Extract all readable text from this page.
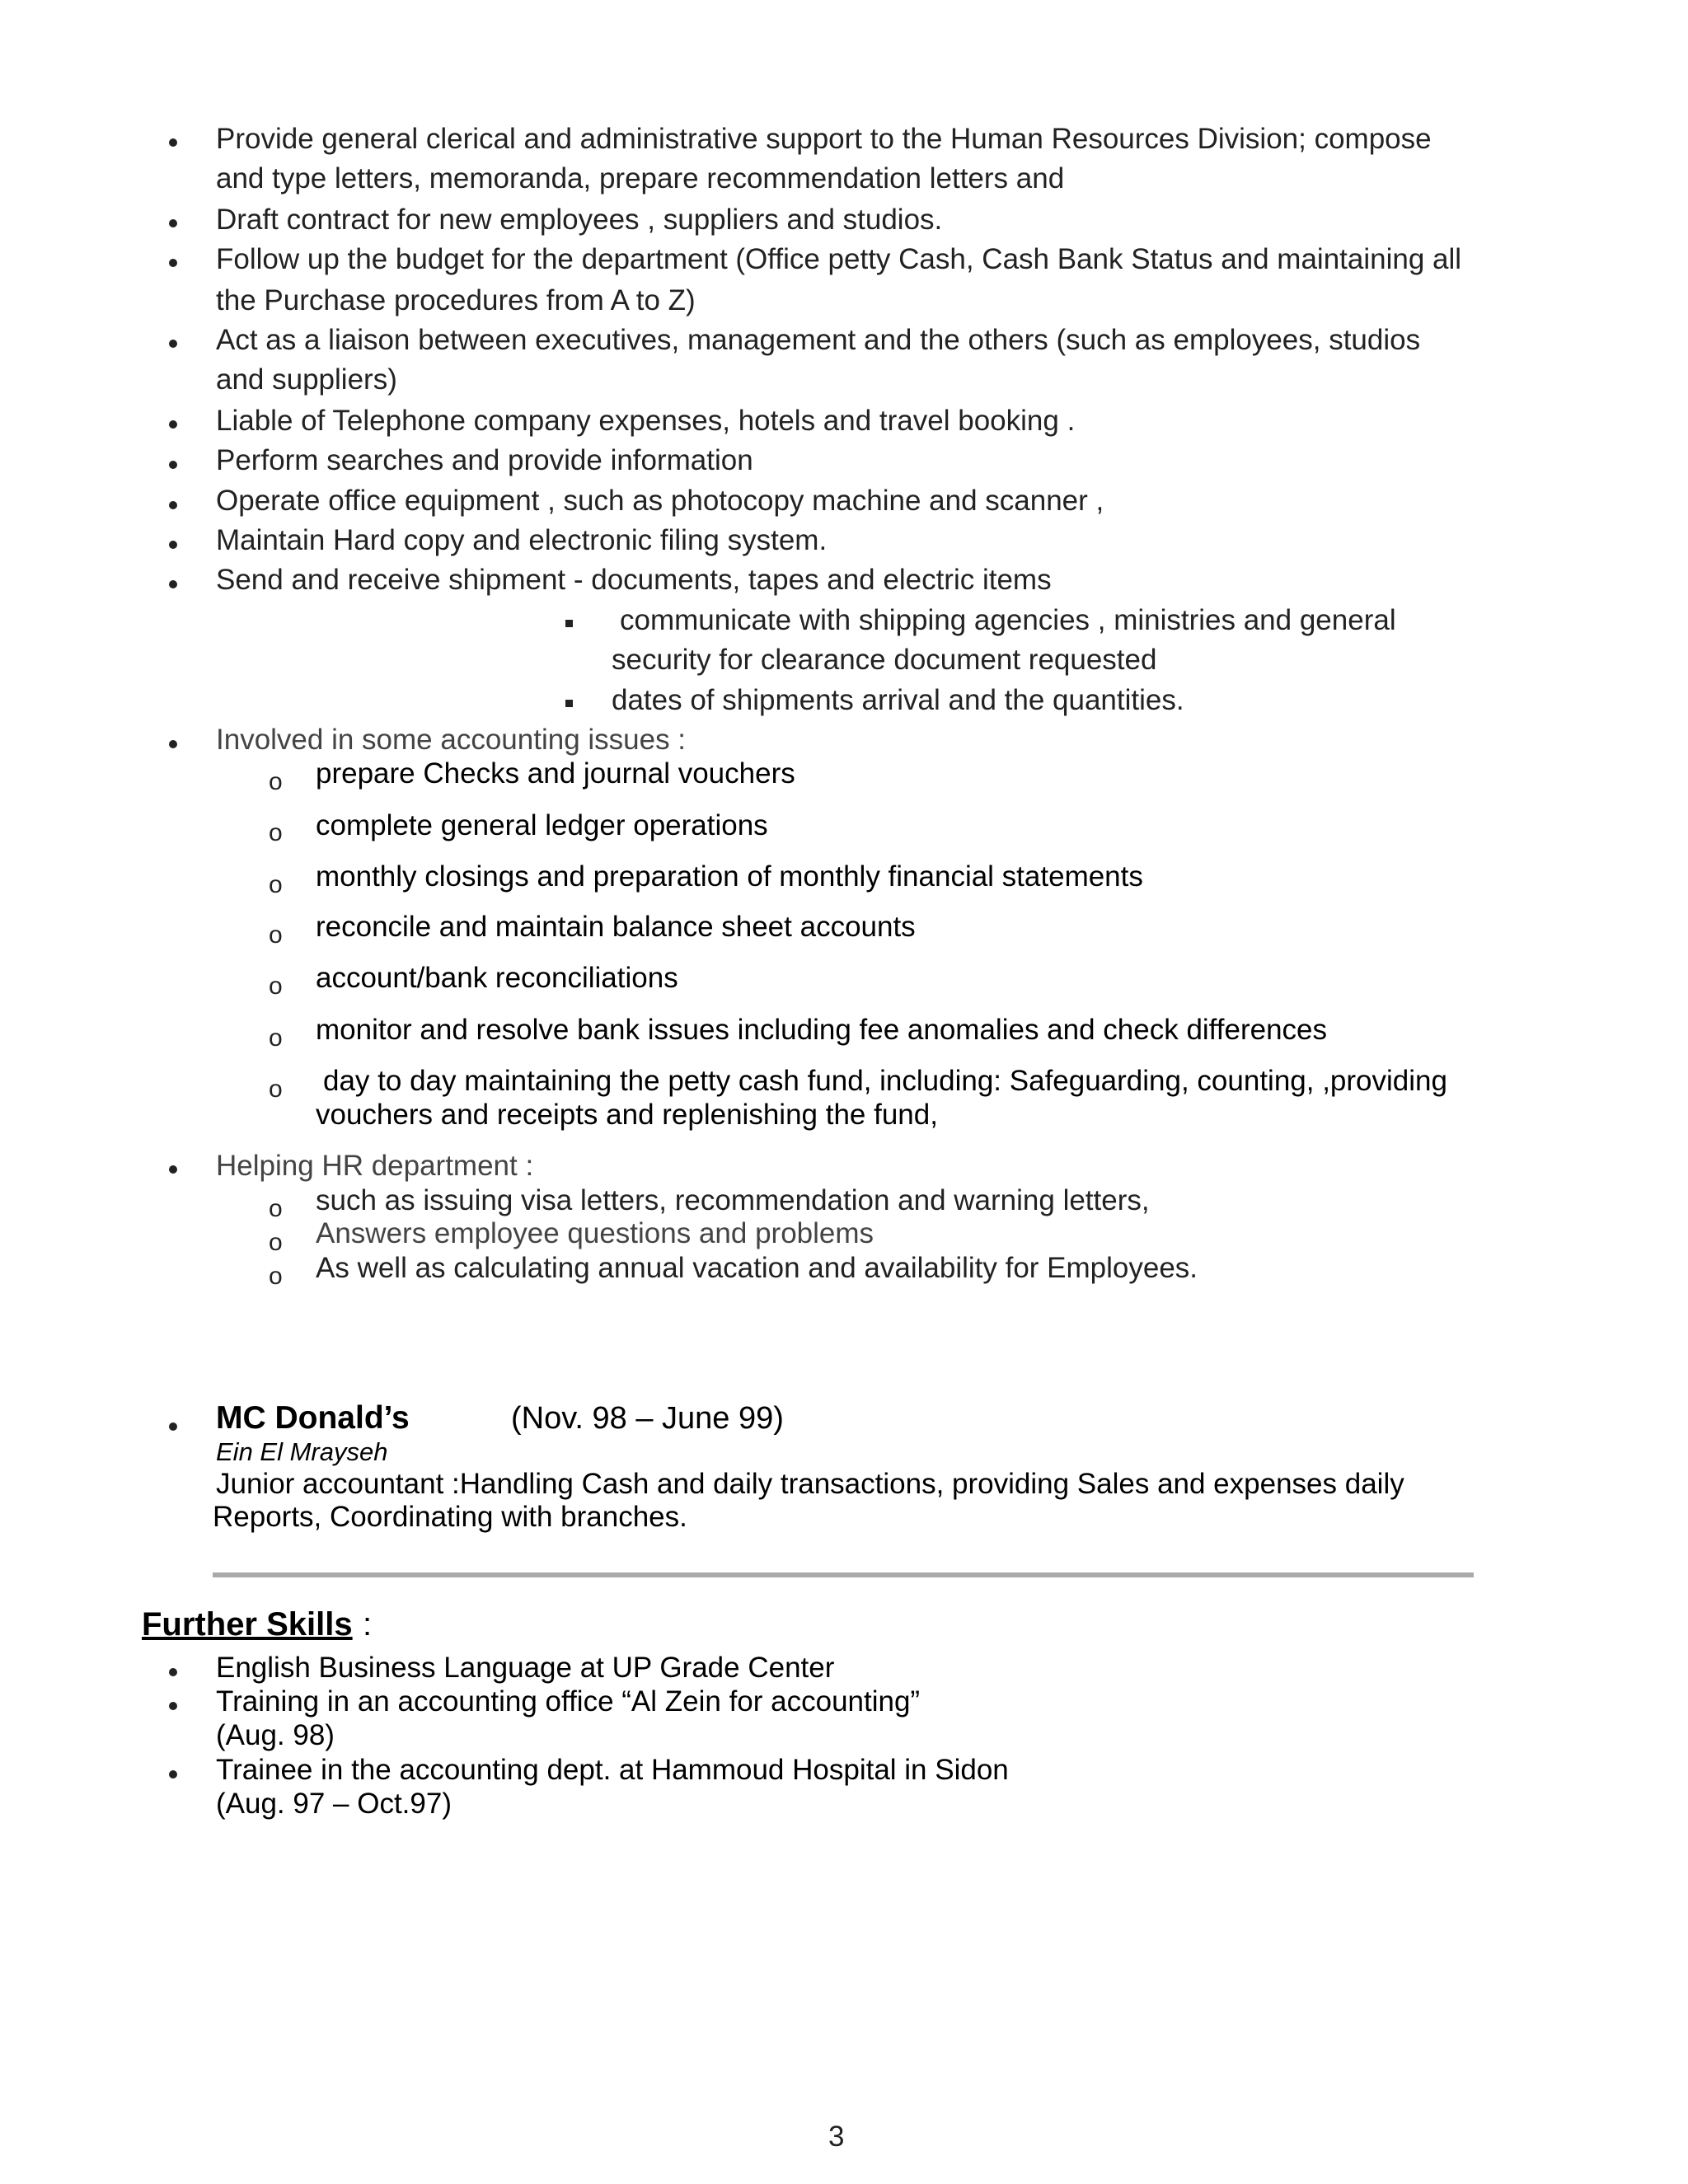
Provide general clerical and administrative support to the Human Resources Division; compose
and type letters, memoranda, prepare recommendation letters and
Draft contract for new employees , suppliers and studios.
Follow up the budget for the department (Office petty Cash, Cash Bank Status and maintaining all
the Purchase procedures from A to Z)
Act as a liaison between executives, management and the others (such as employees, studios
and suppliers)
Liable of Telephone company expenses, hotels and travel booking .
Perform searches and provide information
Operate office equipment , such as photocopy machine and scanner ,
Maintain Hard copy and electronic filing system.
Send and receive shipment - documents, tapes and electric items
communicate with shipping agencies , ministries and general
security for clearance document requested
dates of shipments arrival and the quantities.
Involved in some accounting issues :
o prepare Checks and journal vouchers
o complete general ledger operations
o monthly closings and preparation of monthly financial statements
o reconcile and maintain balance sheet accounts
o account/bank reconciliations
o monitor and resolve bank issues including fee anomalies and check differences
o day to day maintaining the petty cash fund, including: Safeguarding, counting, ,providing
vouchers and receipts and replenishing the fund,
Helping HR department :
o such as issuing visa letters, recommendation and warning letters,
o Answers employee questions and problems
o As well as calculating annual vacation and availability for Employees.
MC Donald’s	(Nov. 98 – June 99)
Ein El Mrayseh
Junior accountant :Handling Cash and daily transactions, providing Sales and expenses daily
Reports, Coordinating with branches.
Further Skills :
English Business Language at UP Grade Center
Training in an accounting office “Al Zein for accounting”
(Aug. 98)
Trainee in the accounting dept. at Hammoud Hospital in Sidon
(Aug. 97 – Oct.97)
3
